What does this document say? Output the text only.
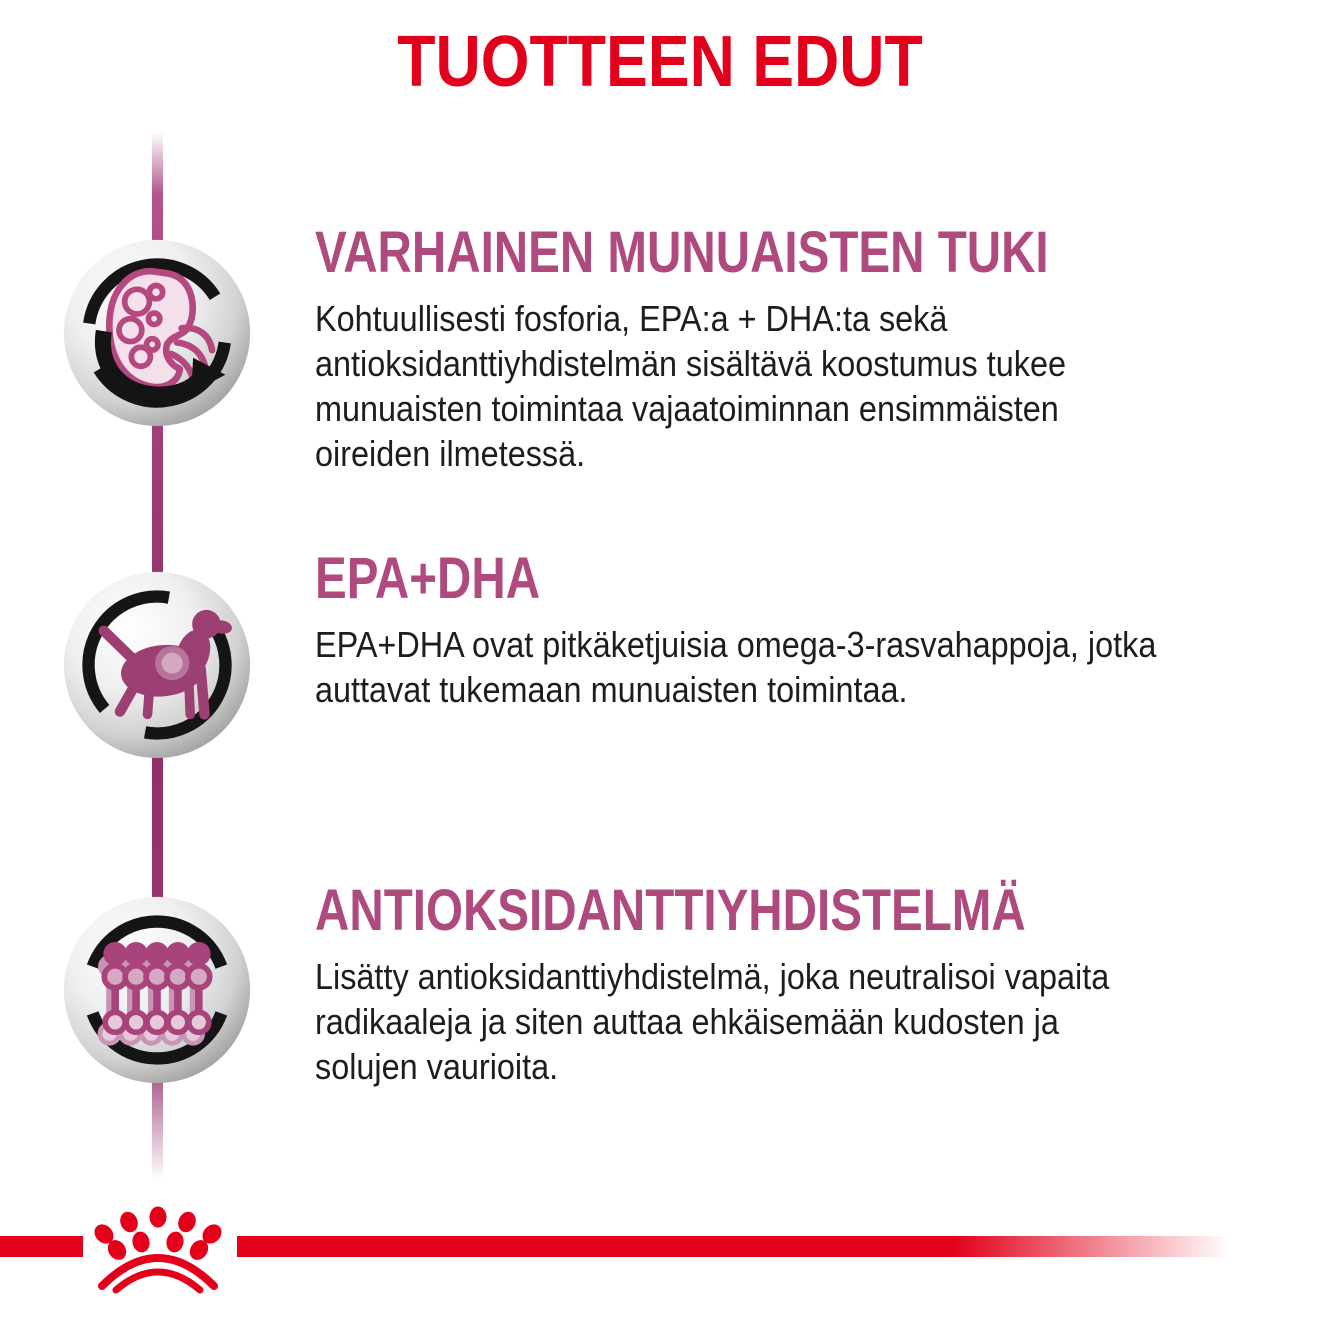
TUOTTEEN EDUT
VARHAINEN MUNUAISTEN TUKI
Kohtuullisesti fosforia, EPA:a + DHA:ta sekä
antioksidanttiyhdistelmän sisältävä koostumus tukee
munuaisten toimintaa vajaatoiminnan ensimmäisten
oireiden ilmetessä.
EPA+DHA
EPA+DHA ovat pitkäketjuisia omega-3-rasvahappoja, jotka
auttavat tukemaan munuaisten toimintaa.
ANTIOKSIDANTTIYHDISTELMÄ
Lisätty antioksidanttiyhdistelmä, joka neutralisoi vapaita
radikaaleja ja siten auttaa ehkäisemään kudosten ja
solujen vaurioita.
